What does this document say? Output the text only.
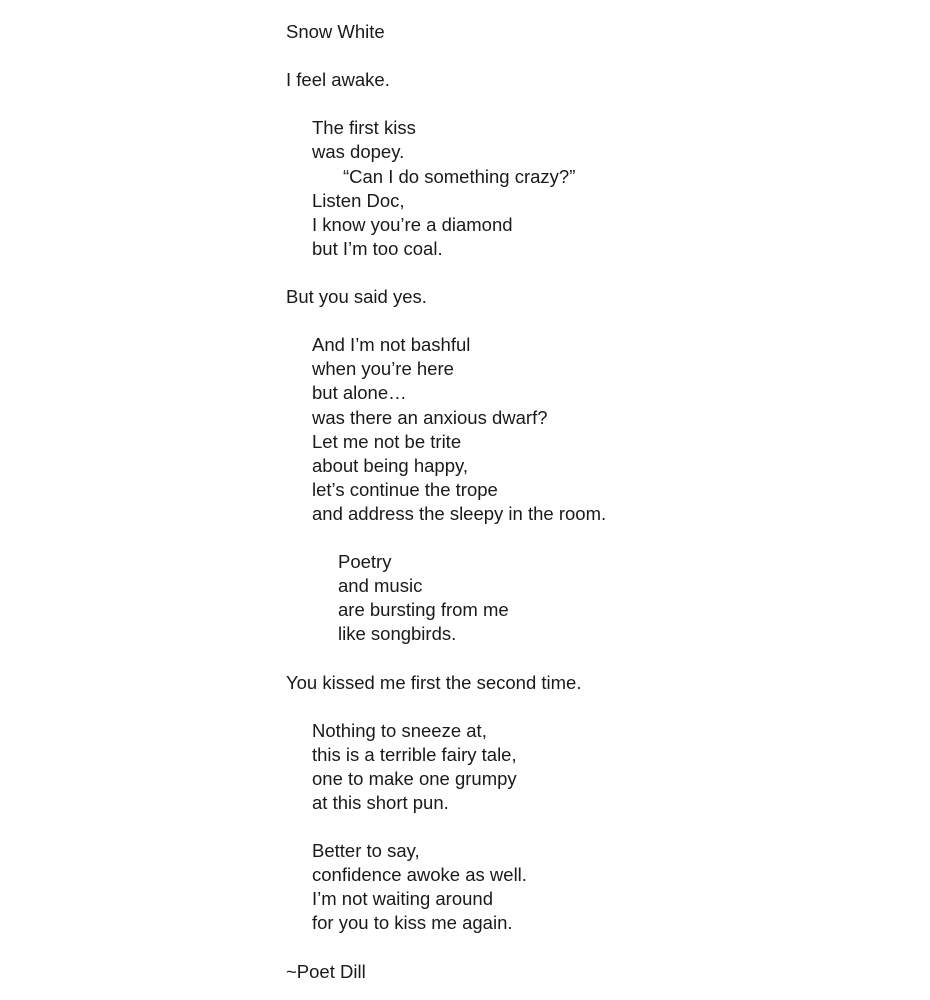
Snow White
I feel awake.
The first kiss
was dopey.
“Can I do something crazy?”
Listen Doc,
I know you’re a diamond
but I’m too coal.
But you said yes.
And I’m not bashful
when you’re here
but alone…
was there an anxious dwarf?
Let me not be trite
about being happy,
let’s continue the trope
and address the sleepy in the room.
Poetry
and music
are bursting from me
like songbirds.
You kissed me first the second time.
Nothing to sneeze at,
this is a terrible fairy tale,
one to make one grumpy
at this short pun.
Better to say,
confidence awoke as well.
I’m not waiting around
for you to kiss me again.
~Poet Dill
